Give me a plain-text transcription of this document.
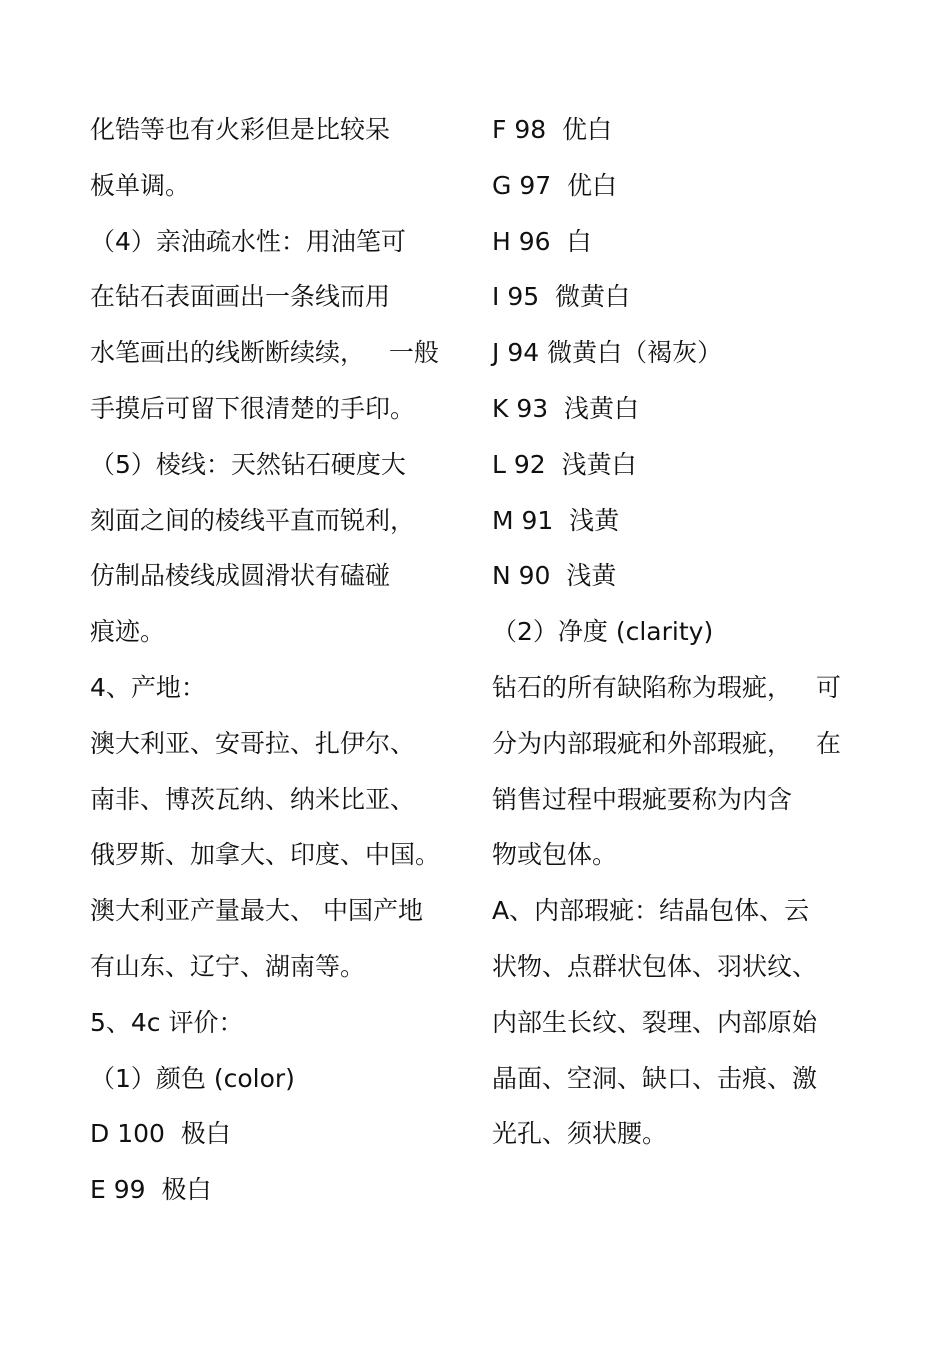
化锆等也有火彩但是比较呆
板单调。
（4）亲油疏水性：用油笔可
在钻石表面画出一条线而用
水笔画出的线断断续续，   一般
手摸后可留下很清楚的手印。
（5）棱线：天然钻石硬度大
刻面之间的棱线平直而锐利，
仿制品棱线成圆滑状有磕碰
痕迹。
4、产地：
澳大利亚、安哥拉、扎伊尔、
南非、博茨瓦纳、纳米比亚、
俄罗斯、加拿大、印度、中国。
澳大利亚产量最大、 中国产地
有山东、辽宁、湖南等。
5、4c 评价：
（1）颜色 (color)
D 100  极白
E 99  极白
F 98  优白
G 97  优白
H 96  白
I 95  微黄白
J 94 微黄白（褐灰）
K 93  浅黄白
L 92  浅黄白
M 91  浅黄
N 90  浅黄
（2）净度 (clarity)
钻石的所有缺陷称为瑕疵，   可
分为内部瑕疵和外部瑕疵，   在
销售过程中瑕疵要称为内含
物或包体。
A、内部瑕疵：结晶包体、云
状物、点群状包体、羽状纹、
内部生长纹、裂理、内部原始
晶面、空洞、缺口、击痕、激
光孔、须状腰。
